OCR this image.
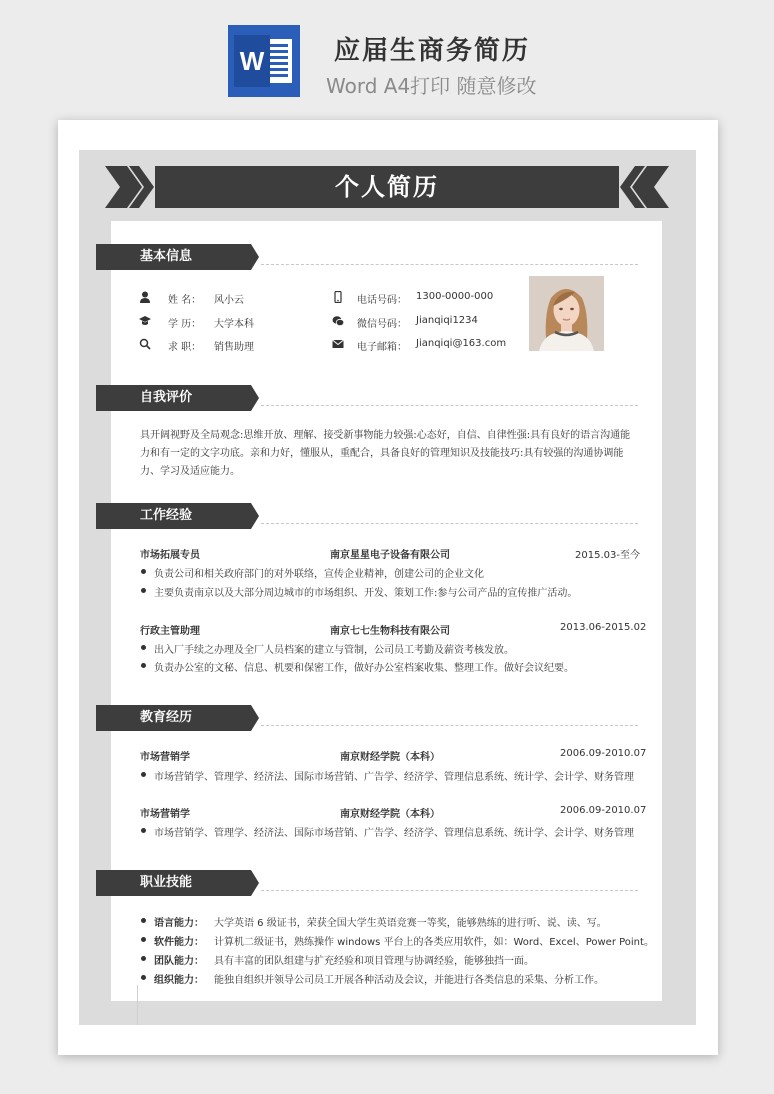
W	应届生商务简历
Word A4打印 随意修改
个人简历
基本信息
姓 名： 风小云
学 历： 大学本科
求 职： 销售助理
电话号码： 1300-0000-000
微信号码： Jianqiqi1234
电子邮箱： Jianqiqi@163.com
自我评价
具开阔视野及全局观念:思维开放、理解、接受新事物能力较强:心态好，自信、自律性强:具有良好的语言沟通能力和有一定的文字功底。亲和力好，懂服从，重配合，具备良好的管理知识及技能技巧:具有较强的沟通协调能力、学习及适应能力。
工作经验
市场拓展专员	南京星星电子设备有限公司	2015.03-至今
负责公司和相关政府部门的对外联络，宣传企业精神，创建公司的企业文化
主要负责南京以及大部分周边城市的市场组织、开发、策划工作:参与公司产品的宣传推广活动。
行政主管助理	南京七七生物科技有限公司	2013.06-2015.02
出入厂手续之办理及全厂人员档案的建立与管制，公司员工考勤及薪资考核发放。
负责办公室的文秘、信息、机要和保密工作，做好办公室档案收集、整理工作。做好会议纪要。
教育经历
市场营销学	南京财经学院（本科）	2006.09-2010.07
市场营销学、管理学、经济法、国际市场营销、广告学、经济学、管理信息系统、统计学、会计学、财务管理
市场营销学	南京财经学院（本科）	2006.09-2010.07
市场营销学、管理学、经济法、国际市场营销、广告学、经济学、管理信息系统、统计学、会计学、财务管理
职业技能
语言能力： 大学英语 6 级证书，荣获全国大学生英语竞赛一等奖，能够熟练的进行听、说、读、写。
软件能力： 计算机二级证书，熟练操作 windows 平台上的各类应用软件，如：Word、Excel、Power Point。
团队能力： 具有丰富的团队组建与扩充经验和项目管理与协调经验，能够独挡一面。
组织能力： 能独自组织并领导公司员工开展各种活动及会议，并能进行各类信息的采集、分析工作。
